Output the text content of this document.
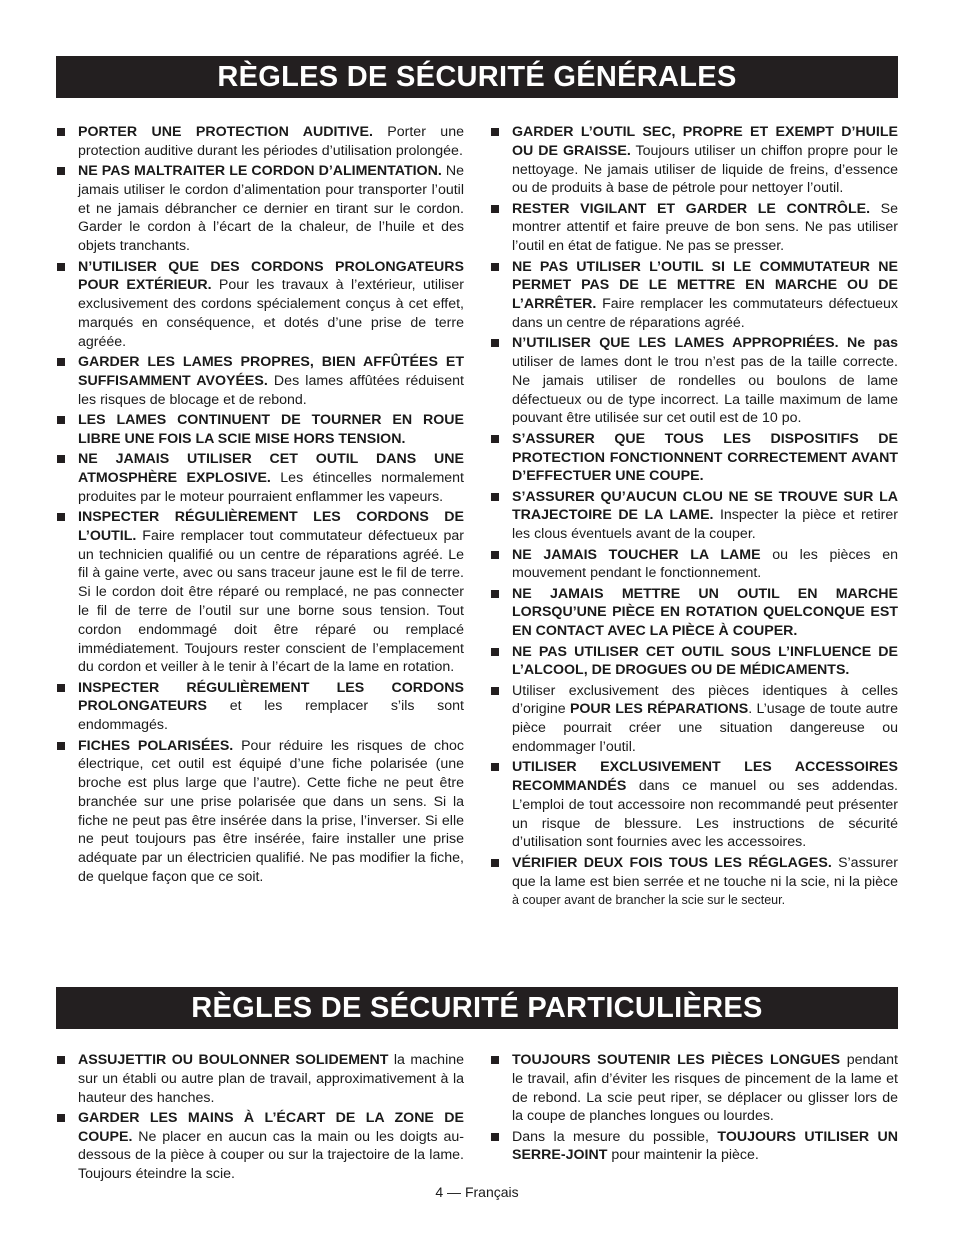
RÈGLES DE SÉCURITÉ GÉNÉRALES
PORTER UNE PROTECTION AUDITIVE. Porter une protection auditive durant les périodes d’utilisation prolongée.
NE PAS MALTRAITER LE CORDON D’ALIMENTATION. Ne jamais utiliser le cordon d’alimentation pour transporter l’outil et ne jamais débrancher ce dernier en tirant sur le cordon. Garder le cordon à l’écart de la chaleur, de l’huile et des objets tranchants.
N’UTILISER QUE DES CORDONS PROLONGATEURS POUR EXTÉRIEUR. Pour les travaux à l’extérieur, utiliser exclusivement des cordons spécialement conçus à cet effet, marqués en conséquence, et dotés d’une prise de terre agréée.
GARDER LES LAMES PROPRES, BIEN AFFÛTÉES ET SUFFISAMMENT AVOYÉES. Des lames affûtées réduisent les risques de blocage et de rebond.
LES LAMES CONTINUENT DE TOURNER EN ROUE LIBRE UNE FOIS LA SCIE MISE HORS TENSION.
NE JAMAIS UTILISER CET OUTIL DANS UNE ATMOSPHÈRE EXPLOSIVE. Les étincelles normalement produites par le moteur pourraient enflammer les vapeurs.
INSPECTER RÉGULIÈREMENT LES CORDONS DE L’OUTIL. Faire remplacer tout commutateur défectueux par un technicien qualifié ou un centre de réparations agréé. Le fil à gaine verte, avec ou sans traceur jaune est le fil de terre. Si le cordon doit être réparé ou remplacé, ne pas connecter le fil de terre de l’outil sur une borne sous tension. Tout cordon endommagé doit être réparé ou remplacé immédiatement. Toujours rester conscient de l’emplacement du cordon et veiller à le tenir à l’écart de la lame en rotation.
INSPECTER RÉGULIÈREMENT LES CORDONS PROLONGATEURS et les remplacer s’ils sont endommagés.
FICHES POLARISÉES. Pour réduire les risques de choc électrique, cet outil est équipé d’une fiche polarisée (une broche est plus large que l’autre). Cette fiche ne peut être branchée sur une prise polarisée que dans un sens. Si la fiche ne peut pas être insérée dans la prise, l’inverser. Si elle ne peut toujours pas être insérée, faire installer une prise adéquate par un électricien qualifié. Ne pas modifier la fiche, de quelque façon que ce soit.
GARDER L’OUTIL SEC, PROPRE ET EXEMPT D’HUILE OU DE GRAISSE. Toujours utiliser un chiffon propre pour le nettoyage. Ne jamais utiliser de liquide de freins, d’essence ou de produits à base de pétrole pour nettoyer l’outil.
RESTER VIGILANT ET GARDER LE CONTRÔLE. Se montrer attentif et faire preuve de bon sens. Ne pas utiliser l’outil en état de fatigue. Ne pas se presser.
NE PAS UTILISER L’OUTIL SI LE COMMUTATEUR NE PERMET PAS DE LE METTRE EN MARCHE OU DE L’ARRÊTER. Faire remplacer les commutateurs défectueux dans un centre de réparations agréé.
N’UTILISER QUE LES LAMES APPROPRIÉES. Ne pas utiliser de lames dont le trou n’est pas de la taille correcte. Ne jamais utiliser de rondelles ou boulons de lame défectueux ou de type incorrect. La taille maximum de lame pouvant être utilisée sur cet outil est de 10 po.
S’ASSURER QUE TOUS LES DISPOSITIFS DE PROTECTION FONCTIONNENT CORRECTEMENT AVANT D’EFFECTUER UNE COUPE.
S’ASSURER QU’AUCUN CLOU NE SE TROUVE SUR LA TRAJECTOIRE DE LA LAME. Inspecter la pièce et retirer les clous éventuels avant de la couper.
NE JAMAIS TOUCHER LA LAME ou les pièces en mouvement pendant le fonctionnement.
NE JAMAIS METTRE UN OUTIL EN MARCHE LORSQU’UNE PIÈCE EN ROTATION QUELCONQUE EST EN CONTACT AVEC LA PIÈCE À COUPER.
NE PAS UTILISER CET OUTIL SOUS L’INFLUENCE DE L’ALCOOL, DE DROGUES OU DE MÉDICAMENTS.
Utiliser exclusivement des pièces identiques à celles d’origine POUR LES RÉPARATIONS. L’usage de toute autre pièce pourrait créer une situation dangereuse ou endommager l’outil.
UTILISER EXCLUSIVEMENT LES ACCESSOIRES RECOMMANDÉS dans ce manuel ou ses addendas. L’emploi de tout accessoire non recommandé peut présenter un risque de blessure. Les instructions de sécurité d’utilisation sont fournies avec les accessoires.
VÉRIFIER DEUX FOIS TOUS LES RÉGLAGES. S’assurer que la lame est bien serrée et ne touche ni la scie, ni la pièce à couper avant de brancher la scie sur le secteur.
RÈGLES DE SÉCURITÉ PARTICULIÈRES
ASSUJETTIR OU BOULONNER SOLIDEMENT la machine sur un établi ou autre plan de travail, approximativement à la hauteur des hanches.
GARDER LES MAINS À L’ÉCART DE LA ZONE DE COUPE. Ne placer en aucun cas la main ou les doigts au-dessous de la pièce à couper ou sur la trajectoire de la lame. Toujours éteindre la scie.
TOUJOURS SOUTENIR LES PIÈCES LONGUES pendant le travail, afin d’éviter les risques de pincement de la lame et de rebond. La scie peut riper, se déplacer ou glisser lors de la coupe de planches longues ou lourdes.
Dans la mesure du possible, TOUJOURS UTILISER UN SERRE-JOINT pour maintenir la pièce.
4 — Français
